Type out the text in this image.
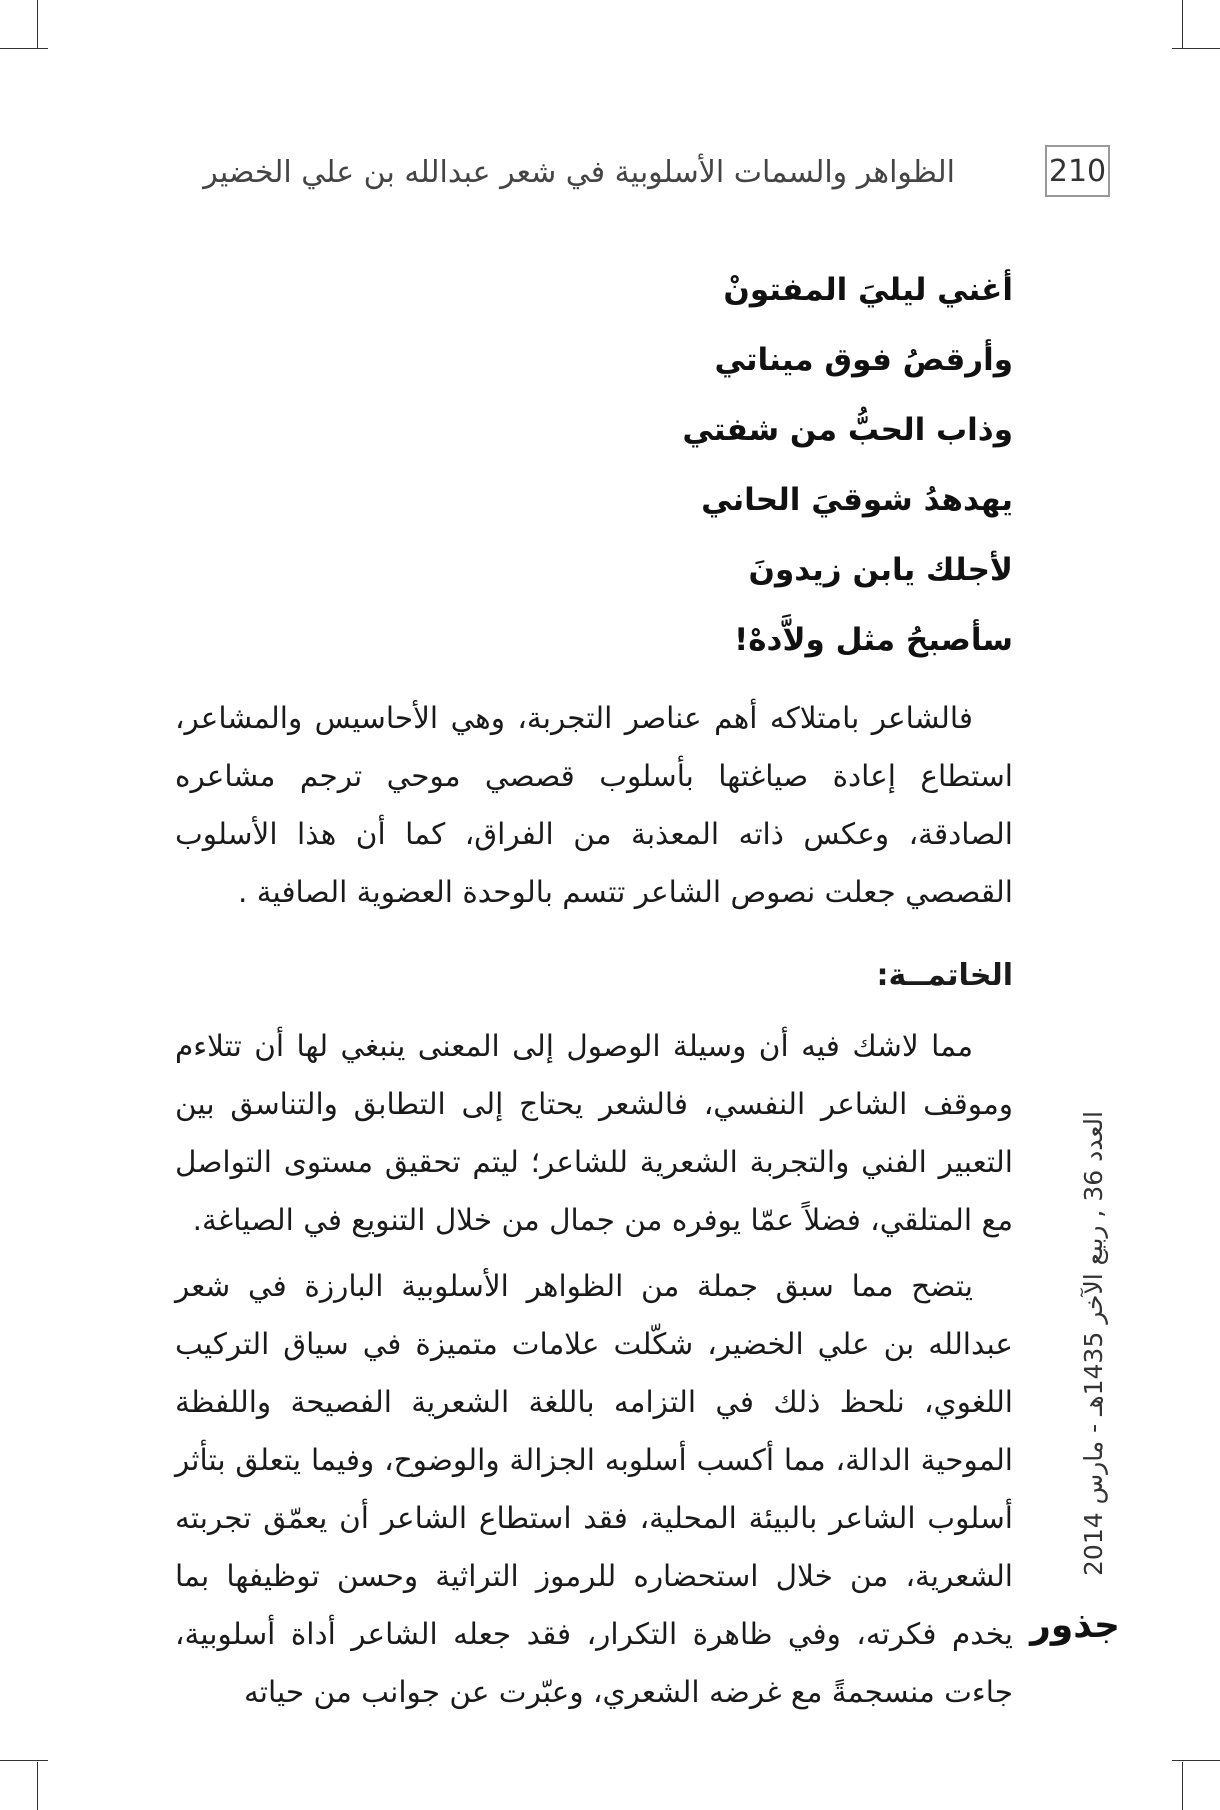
الظواهر والسمات الأسلوبية في شعر عبدالله بن علي الخضير	210
أغني ليليَ المفتونْ
وأرقصُ فوق ميناتي
وذاب الحبُّ من شفتي
يهدهدُ شوقيَ الحاني
لأجلك يابن زيدونَ
سأصبحُ مثل ولاَّدهْ!

فالشاعر بامتلاكه أهم عناصر التجربة، وهي الأحاسيس والمشاعر، استطاع إعادة صياغتها بأسلوب قصصي موحي ترجم مشاعره الصادقة، وعكس ذاته المعذبة من الفراق، كما أن هذا الأسلوب القصصي جعلت نصوص الشاعر تتسم بالوحدة العضوية الصافية .

الخاتمــة:

مما لاشك فيه أن وسيلة الوصول إلى المعنى ينبغي لها أن تتلاءم وموقف الشاعر النفسي، فالشعر يحتاج إلى التطابق والتناسق بين التعبير الفني والتجربة الشعرية للشاعر؛ ليتم تحقيق مستوى التواصل مع المتلقي، فضلاً عمّا يوفره من جمال من خلال التنويع في الصياغة.

يتضح مما سبق جملة من الظواهر الأسلوبية البارزة في شعر عبدالله بن علي الخضير، شكّلت علامات متميزة في سياق التركيب اللغوي، نلحظ ذلك في التزامه باللغة الشعرية الفصيحة واللفظة الموحية الدالة، مما أكسب أسلوبه الجزالة والوضوح، وفيما يتعلق بتأثر أسلوب الشاعر بالبيئة المحلية، فقد استطاع الشاعر أن يعمّق تجربته الشعرية، من خلال استحضاره للرموز التراثية وحسن توظيفها بما يخدم فكرته، وفي ظاهرة التكرار، فقد جعله الشاعر أداة أسلوبية، جاءت منسجمةً مع غرضه الشعري، وعبّرت عن جوانب من حياته

العدد 36 , ربيع الآخر 1435هـ - مارس 2014
جذور
